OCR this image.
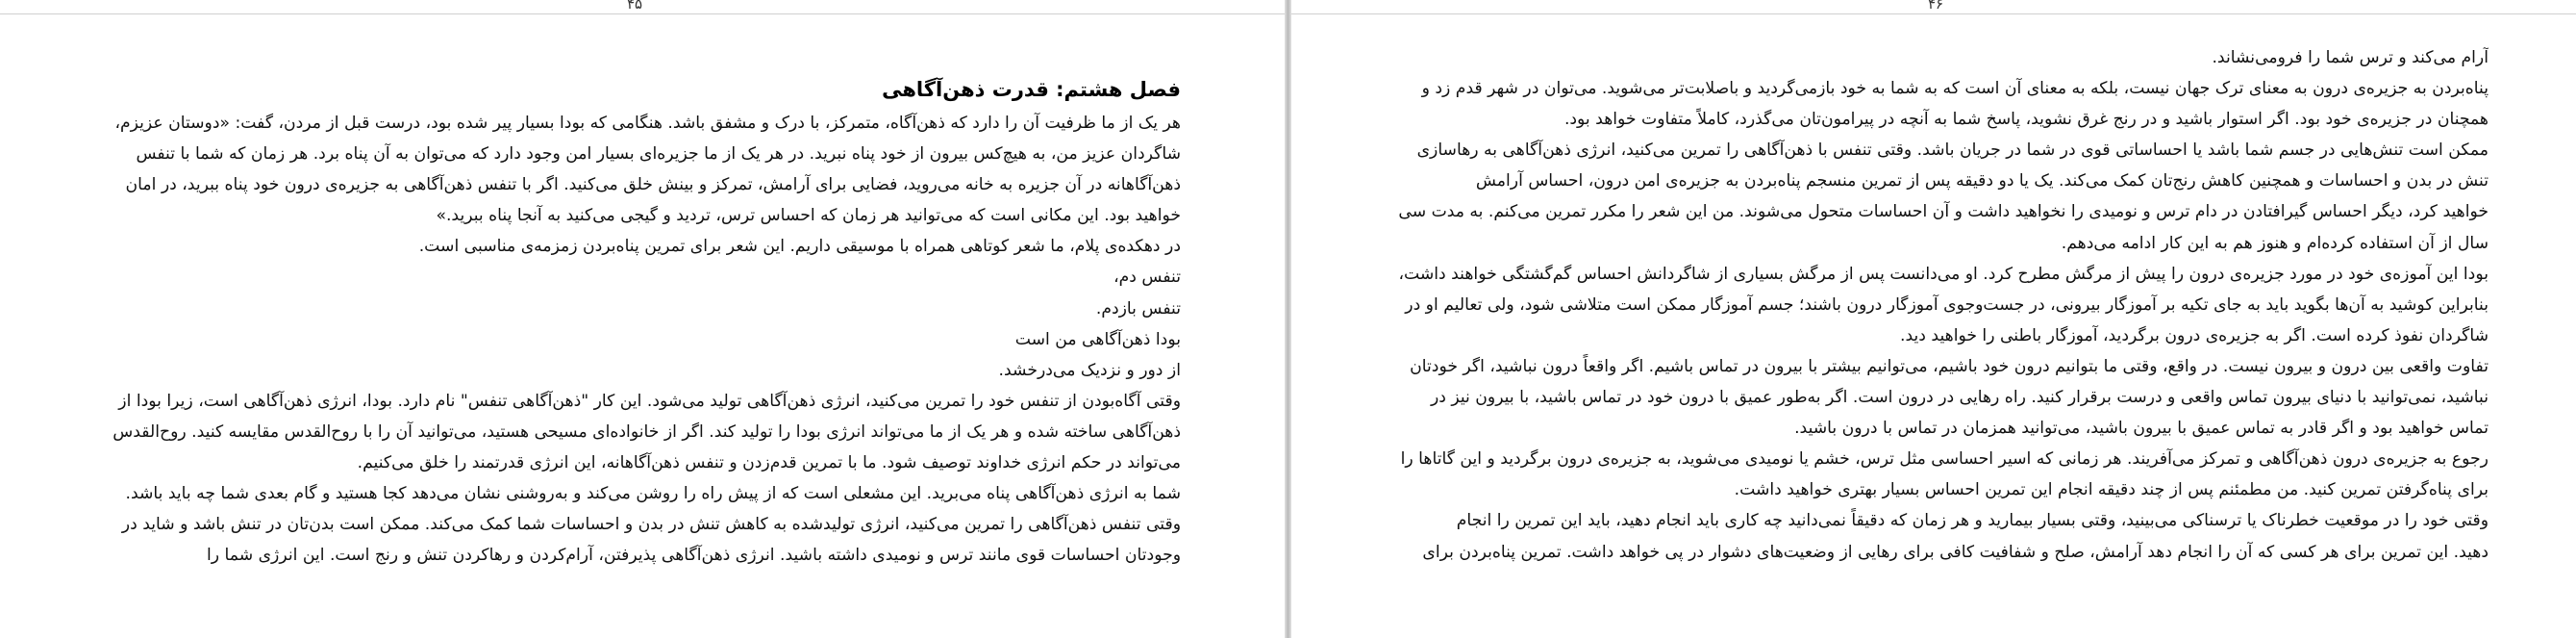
۴۵
فصل هشتم: قدرت ذهن‌آگاهی
هر یک از ما ظرفیت آن را دارد که ذهن‌آگاه، متمرکز، با درک و مشفق باشد. هنگامی که بودا بسیار پیر شده بود، درست قبل از مردن، گفت: «دوستان عزیزم،
شاگردان عزیز من، به هیچ‌کس بیرون از خود پناه نبرید. در هر یک از ما جزیره‌ای بسیار امن وجود دارد که می‌توان به آن پناه برد. هر زمان که شما با تنفس
ذهن‌آگاهانه در آن جزیره به خانه می‌روید، فضایی برای آرامش، تمرکز و بینش خلق می‌کنید. اگر با تنفس ذهن‌آگاهی به جزیره‌ی درون خود پناه ببرید، در امان
خواهید بود. این مکانی است که می‌توانید هر زمان که احساس ترس، تردید و گیجی می‌کنید به آنجا پناه ببرید.»
در دهکده‌ی پلام، ما شعر کوتاهی همراه با موسیقی داریم. این شعر برای تمرین پناه‌بردن زمزمه‌ی مناسبی است.
تنفس دم،
تنفس بازدم.
بودا ذهن‌آگاهی من است
از دور و نزدیک می‌درخشد.
وقتی آگاه‌بودن از تنفس خود را تمرین می‌کنید، انرژی ذهن‌آگاهی تولید می‌شود. این کار "ذهن‌آگاهی تنفس" نام دارد. بودا، انرژی ذهن‌آگاهی است، زیرا بودا از
ذهن‌آگاهی ساخته شده و هر یک از ما می‌تواند انرژی بودا را تولید کند. اگر از خانواده‌ای مسیحی هستید، می‌توانید آن را با روح‌القدس مقایسه کنید. روح‌القدس
می‌تواند در حکم انرژی خداوند توصیف شود. ما با تمرین قدم‌زدن و تنفس ذهن‌آگاهانه، این انرژی قدرتمند را خلق می‌کنیم.
شما به انرژی ذهن‌آگاهی پناه می‌برید. این مشعلی است که از پیش راه را روشن می‌کند و به‌روشنی نشان می‌دهد کجا هستید و گام بعدی شما چه باید باشد.
وقتی تنفس ذهن‌آگاهی را تمرین می‌کنید، انرژی تولیدشده به کاهش تنش در بدن و احساسات شما کمک می‌کند. ممکن است بدن‌تان در تنش باشد و شاید در
وجودتان احساسات قوی مانند ترس و نومیدی داشته باشید. انرژی ذهن‌آگاهی پذیرفتن، آرام‌کردن و رهاکردن تنش و رنج است. این انرژی شما را
۴۶
آرام می‌کند و ترس شما را فرومی‌نشاند.
پناه‌بردن به جزیره‌ی درون به معنای ترک جهان نیست، بلکه به معنای آن است که به شما به خود بازمی‌گردید و باصلابت‌تر می‌شوید. می‌توان در شهر قدم زد و
همچنان در جزیره‌ی خود بود. اگر استوار باشید و در رنج غرق نشوید، پاسخ شما به آنچه در پیرامون‌تان می‌گذرد، کاملاً متفاوت خواهد بود.
ممکن است تنش‌هایی در جسم شما باشد یا احساساتی قوی در شما در جریان باشد. وقتی تنفس با ذهن‌آگاهی را تمرین می‌کنید، انرژی ذهن‌آگاهی به رهاسازی
تنش در بدن و احساسات و همچنین کاهش رنج‌تان کمک می‌کند. یک یا دو دقیقه پس از تمرین منسجم پناه‌بردن به جزیره‌ی امن درون، احساس آرامش
خواهید کرد، دیگر احساس گیرافتادن در دام ترس و نومیدی را نخواهید داشت و آن احساسات متحول می‌شوند. من این شعر را مکرر تمرین می‌کنم. به مدت سی
سال از آن استفاده کرده‌ام و هنوز هم به این کار ادامه می‌دهم.
بودا این آموزه‌ی خود در مورد جزیره‌ی درون را پیش از مرگش مطرح کرد. او می‌دانست پس از مرگش بسیاری از شاگردانش احساس گم‌گشتگی خواهند داشت،
بنابراین کوشید به آن‌ها بگوید باید به جای تکیه بر آموزگار بیرونی، در جست‌وجوی آموزگار درون باشند؛ جسم آموزگار ممکن است متلاشی شود، ولی تعالیم او در
شاگردان نفوذ کرده است. اگر به جزیره‌ی درون برگردید، آموزگار باطنی را خواهید دید.
تفاوت واقعی بین درون و بیرون نیست. در واقع، وقتی ما بتوانیم درون خود باشیم، می‌توانیم بیشتر با بیرون در تماس باشیم. اگر واقعاً درون نباشید، اگر خودتان
نباشید، نمی‌توانید با دنیای بیرون تماس واقعی و درست برقرار کنید. راه رهایی در درون است. اگر به‌طور عمیق با درون خود در تماس باشید، با بیرون نیز در
تماس خواهید بود و اگر قادر به تماس عمیق با بیرون باشید، می‌توانید همزمان در تماس با درون باشید.
رجوع به جزیره‌ی درون ذهن‌آگاهی و تمرکز می‌آفریند. هر زمانی که اسیر احساسی مثل ترس، خشم یا نومیدی می‌شوید، به جزیره‌ی درون برگردید و این گاتاها را
برای پناه‌گرفتن تمرین کنید. من مطمئنم پس از چند دقیقه انجام این تمرین احساس بسیار بهتری خواهید داشت.
وقتی خود را در موقعیت خطرناک یا ترسناکی می‌بینید، وقتی بسیار بیمارید و هر زمان که دقیقاً نمی‌دانید چه کاری باید انجام دهید، باید این تمرین را انجام
دهید. این تمرین برای هر کسی که آن را انجام دهد آرامش، صلح و شفافیت کافی برای رهایی از وضعیت‌های دشوار در پی خواهد داشت. تمرین پناه‌بردن برای
